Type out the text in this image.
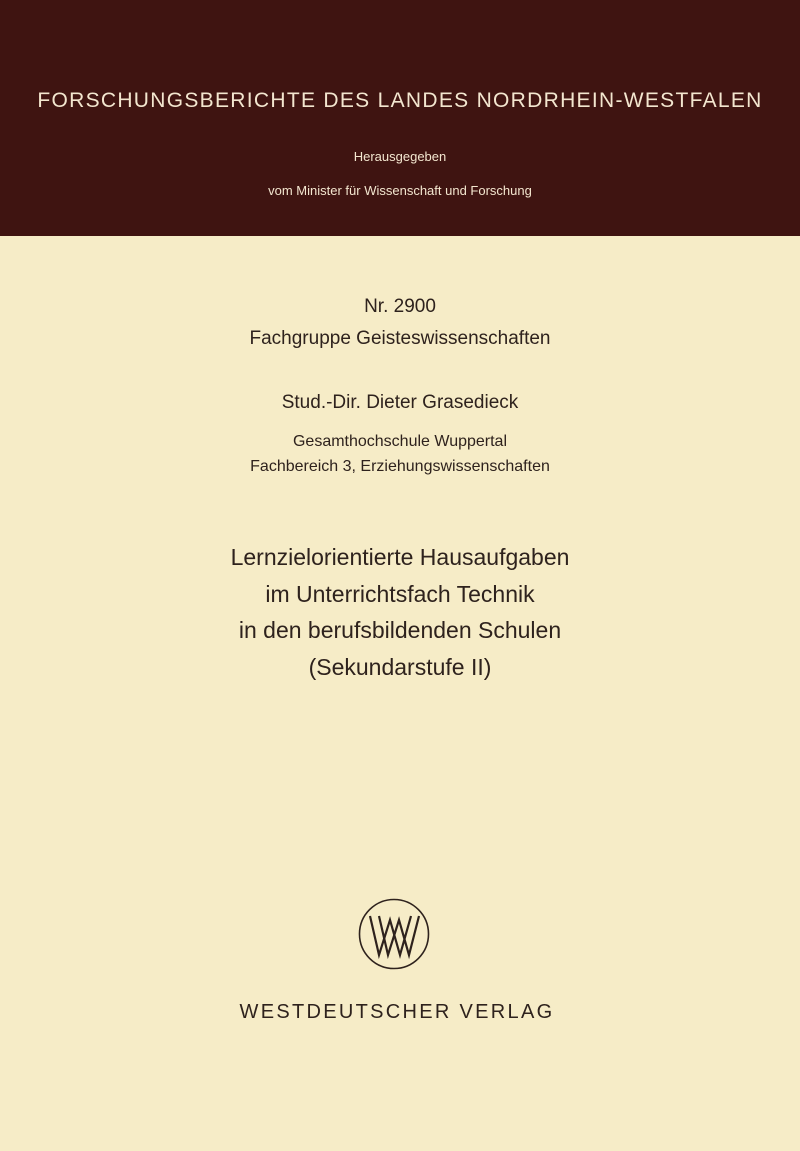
FORSCHUNGSBERICHTE DES LANDES NORDRHEIN-WESTFALEN
Herausgegeben
vom Minister für Wissenschaft und Forschung
Nr. 2900
Fachgruppe Geisteswissenschaften
Stud.-Dir. Dieter Grasedieck
Gesamthochschule Wuppertal
Fachbereich 3, Erziehungswissenschaften
Lernzielorientierte Hausaufgaben
im Unterrichtsfach Technik
in den berufsbildenden Schulen
(Sekundarstufe II)
WESTDEUTSCHER VERLAG
